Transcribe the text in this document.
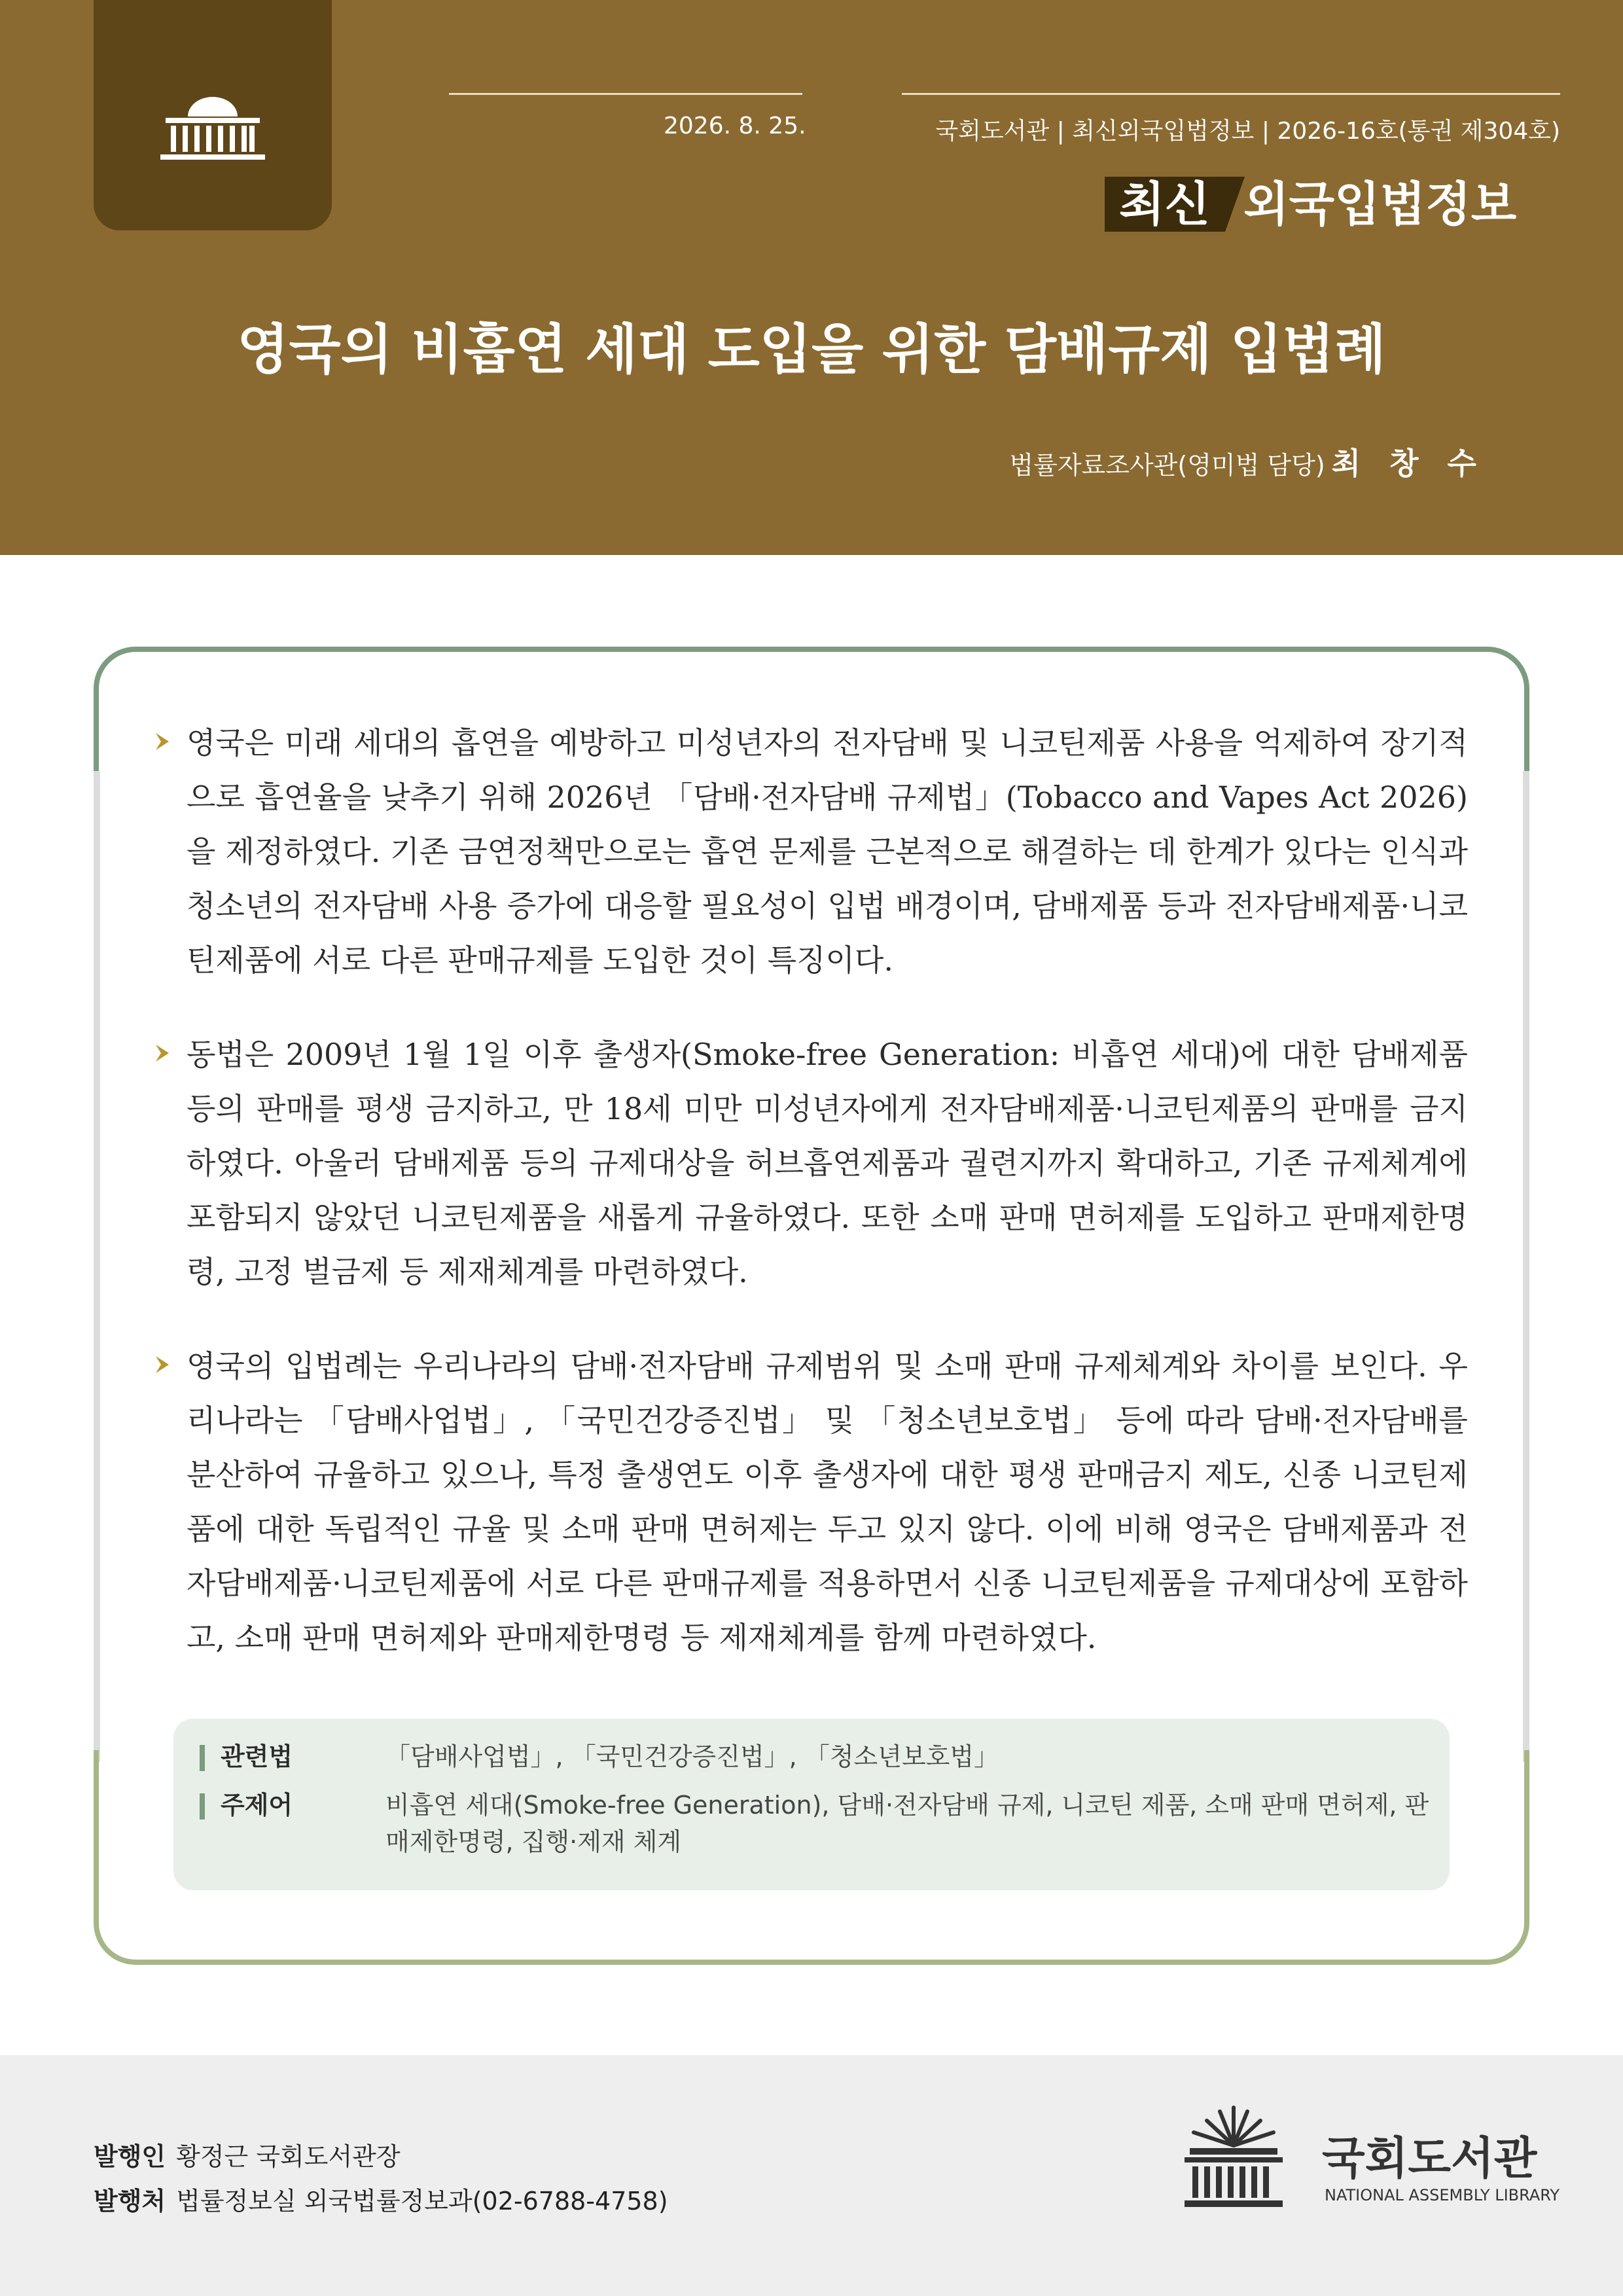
2026. 8. 25.	국회도서관 | 최신외국입법정보 | 2026-16호(통권 제304호)
최신 외국입법정보
영국의 비흡연 세대 도입을 위한 담배규제 입법례
법률자료조사관(영미법 담당) 최 창 수

영국은 미래 세대의 흡연을 예방하고 미성년자의 전자담배 및 니코틴제품 사용을 억제하여 장기적으로 흡연율을 낮추기 위해 2026년 「담배·전자담배 규제법」(Tobacco and Vapes Act 2026)을 제정하였다. 기존 금연정책만으로는 흡연 문제를 근본적으로 해결하는 데 한계가 있다는 인식과 청소년의 전자담배 사용 증가에 대응할 필요성이 입법 배경이며, 담배제품 등과 전자담배제품·니코틴제품에 서로 다른 판매규제를 도입한 것이 특징이다.

동법은 2009년 1월 1일 이후 출생자(Smoke-free Generation: 비흡연 세대)에 대한 담배제품 등의 판매를 평생 금지하고, 만 18세 미만 미성년자에게 전자담배제품·니코틴제품의 판매를 금지하였다. 아울러 담배제품 등의 규제대상을 허브흡연제품과 궐련지까지 확대하고, 기존 규제체계에 포함되지 않았던 니코틴제품을 새롭게 규율하였다. 또한 소매 판매 면허제를 도입하고 판매제한명령, 고정 벌금제 등 제재체계를 마련하였다.

영국의 입법례는 우리나라의 담배·전자담배 규제범위 및 소매 판매 규제체계와 차이를 보인다. 우리나라는 「담배사업법」, 「국민건강증진법」 및 「청소년보호법」 등에 따라 담배·전자담배를 분산하여 규율하고 있으나, 특정 출생연도 이후 출생자에 대한 평생 판매금지 제도, 신종 니코틴제품에 대한 독립적인 규율 및 소매 판매 면허제는 두고 있지 않다. 이에 비해 영국은 담배제품과 전자담배제품·니코틴제품에 서로 다른 판매규제를 적용하면서 신종 니코틴제품을 규제대상에 포함하고, 소매 판매 면허제와 판매제한명령 등 제재체계를 함께 마련하였다.

관련법	「담배사업법」, 「국민건강증진법」, 「청소년보호법」
주제어	비흡연 세대(Smoke-free Generation), 담배·전자담배 규제, 니코틴 제품, 소매 판매 면허제, 판매제한명령, 집행·제재 체계
발행인 황정근 국회도서관장
발행처 법률정보실 외국법률정보과(02-6788-4758)
국회도서관
NATIONAL ASSEMBLY LIBRARY
